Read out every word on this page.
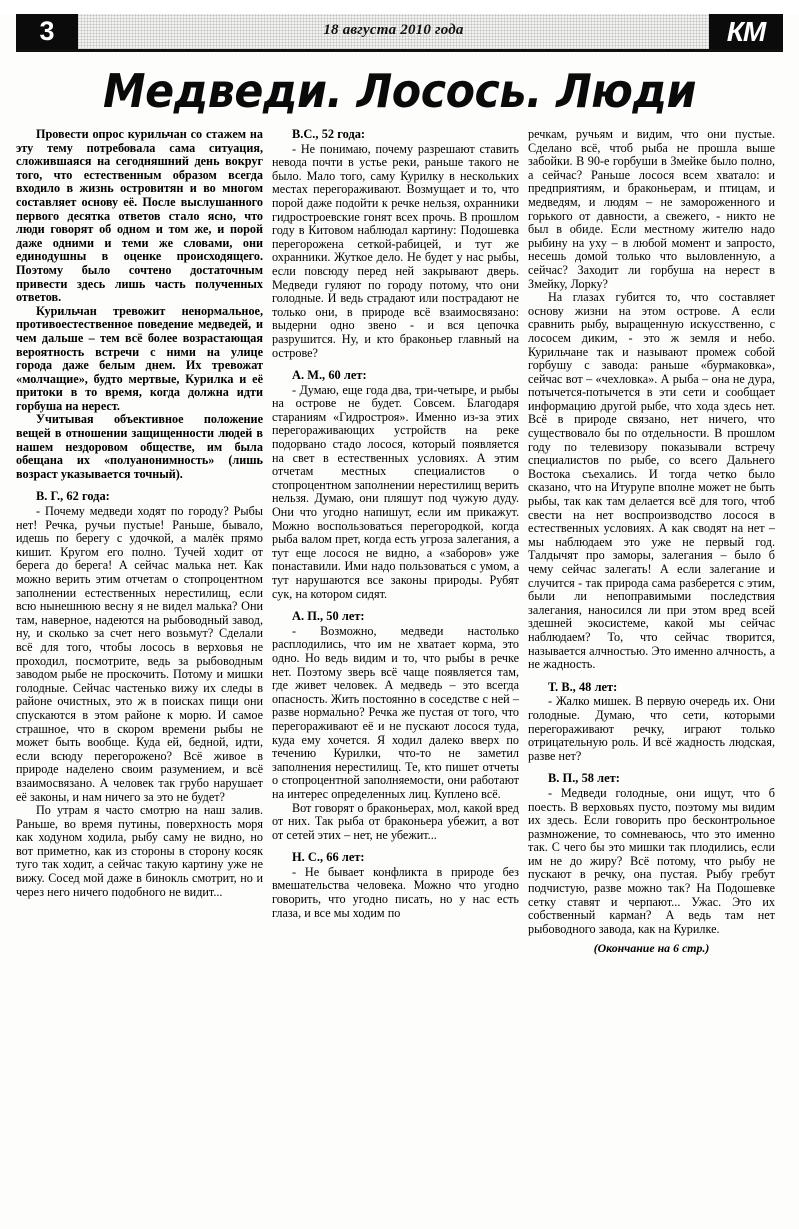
3	18 августа 2010 года	КМ
Медведи. Лосось. Люди

Провести опрос курильчан со стажем на эту тему потребовала сама ситуация, сложившаяся на сегодняшний день вокруг того, что естественным образом всегда входило в жизнь островитян и во многом составляет основу её. После выслушанного первого десятка ответов стало ясно, что люди говорят об одном и том же, и порой даже одними и теми же словами, они единодушны в оценке происходящего. Поэтому было сочтено достаточным привести здесь лишь часть полученных ответов.

Курильчан тревожит ненормальное, противоестественное поведение медведей, и чем дальше – тем всё более возрастающая вероятность встречи с ними на улице города даже белым днем. Их тревожат «молчащие», будто мертвые, Курилка и её притоки в то время, когда должна идти горбуша на нерест.

Учитывая объективное положение вещей в отношении защищенности людей в нашем нездоровом обществе, им была обещана их «полуанонимность» (лишь возраст указывается точный).

В. Г., 62 года:

- Почему медведи ходят по городу? Рыбы нет! Речка, ручьи пустые! Раньше, бывало, идешь по берегу с удочкой, а малёк прямо кишит. Кругом его полно. Тучей ходит от берега до берега! А сейчас малька нет. Как можно верить этим отчетам о стопроцентном заполнении естественных нерестилищ, если всю нынешнюю весну я не видел малька? Они там, наверное, надеются на рыбоводный завод, ну, и сколько за счет него возьмут? Сделали всё для того, чтобы лосось в верховья не проходил, посмотрите, ведь за рыбоводным заводом рыбе не проскочить. Потому и мишки голодные. Сейчас частенько вижу их следы в районе очистных, это ж в поисках пищи они спускаются в этом районе к морю. И самое страшное, что в скором времени рыбы не может быть вообще. Куда ей, бедной, идти, если всюду перегорожено? Всё живое в природе наделено своим разумением, и всё взаимосвязано. А человек так грубо нарушает её законы, и нам ничего за это не будет?

По утрам я часто смотрю на наш залив. Раньше, во время путины, поверхность моря как ходуном ходила, рыбу саму не видно, но вот приметно, как из стороны в сторону косяк туго так ходит, а сейчас такую картину уже не вижу. Сосед мой даже в бинокль смотрит, но и через него ничего подобного не видит...

В.С., 52 года:

- Не понимаю, почему разрешают ставить невода почти в устье реки, раньше такого не было. Мало того, саму Курилку в нескольких местах перегораживают. Возмущает и то, что порой даже подойти к речке нельзя, охранники гидростроевские гонят всех прочь. В прошлом году в Китовом наблюдал картину: Подошевка перегорожена сеткой-рабицей, и тут же охранники. Жуткое дело. Не будет у нас рыбы, если повсюду перед ней закрывают дверь. Медведи гуляют по городу потому, что они голодные. И ведь страдают или пострадают не только они, в природе всё взаимосвязано: выдерни одно звено - и вся цепочка разрушится. Ну, и кто браконьер главный на острове?

А. М., 60 лет:

- Думаю, еще года два, три-четыре, и рыбы на острове не будет. Совсем. Благодаря стараниям «Гидростроя». Именно из-за этих перегораживающих устройств на реке подорвано стадо лосося, который появляется на свет в естественных условиях. А этим отчетам местных специалистов о стопроцентном заполнении нерестилищ верить нельзя. Думаю, они пляшут под чужую дуду. Они что угодно напишут, если им прикажут. Можно воспользоваться перегородкой, когда рыба валом прет, когда есть угроза залегания, а тут еще лосося не видно, а «заборов» уже понаставили. Ими надо пользоваться с умом, а тут нарушаются все законы природы. Рубят сук, на котором сидят.

А. П., 50 лет:

- Возможно, медведи настолько расплодились, что им не хватает корма, это одно. Но ведь видим и то, что рыбы в речке нет. Поэтому зверь всё чаще появляется там, где живет человек. А медведь – это всегда опасность. Жить постоянно в соседстве с ней – разве нормально? Речка же пустая от того, что перегораживают её и не пускают лосося туда, куда ему хочется. Я ходил далеко вверх по течению Курилки, что-то не заметил заполнения нерестилищ. Те, кто пишет отчеты о стопроцентной заполняемости, они работают на интерес определенных лиц. Куплено всё.

Вот говорят о браконьерах, мол, какой вред от них. Так рыба от браконьера убежит, а вот от сетей этих – нет, не убежит...

Н. С., 66 лет:

- Не бывает конфликта в природе без вмешательства человека. Можно что угодно говорить, что угодно писать, но у нас есть глаза, и все мы ходим по

речкам, ручьям и видим, что они пустые. Сделано всё, чтоб рыба не прошла выше забойки. В 90-е горбуши в Змейке было полно, а сейчас? Раньше лосося всем хватало: и предприятиям, и браконьерам, и птицам, и медведям, и людям – не замороженного и горького от давности, а свежего, - никто не был в обиде. Если местному жителю надо рыбину на уху – в любой момент и запросто, несешь домой только что выловленную, а сейчас? Заходит ли горбуша на нерест в Змейку, Лорку?

На глазах губится то, что составляет основу жизни на этом острове. А если сравнить рыбу, выращенную искусственно, с лососем диким, - это ж земля и небо. Курильчане так и называют промеж собой горбушу с завода: раньше «бурмаковка», сейчас вот – «чехловка». А рыба – она не дура, потычется-потычется в эти сети и сообщает информацию другой рыбе, что хода здесь нет. Всё в природе связано, нет ничего, что существовало бы по отдельности. В прошлом году по телевизору показывали встречу специалистов по рыбе, со всего Дальнего Востока съехались. И тогда четко было сказано, что на Итурупе вполне может не быть рыбы, так как там делается всё для того, чтоб свести на нет воспроизводство лосося в естественных условиях. А как сводят на нет – мы наблюдаем это уже не первый год. Талдычят про заморы, залегания – было б чему сейчас залегать! А если залегание и случится - так природа сама разберется с этим, были ли непоправимыми последствия залегания, наносился ли при этом вред всей здешней экосистеме, какой мы сейчас наблюдаем? То, что сейчас творится, называется алчностью. Это именно алчность, а не жадность.

Т. В., 48 лет:

- Жалко мишек. В первую очередь их. Они голодные. Думаю, что сети, которыми перегораживают речку, играют только отрицательную роль. И всё жадность людская, разве нет?

В. П., 58 лет:

- Медведи голодные, они ищут, что б поесть. В верховьях пусто, поэтому мы видим их здесь. Если говорить про бесконтрольное размножение, то сомневаюсь, что это именно так. С чего бы это мишки так плодились, если им не до жиру? Всё потому, что рыбу не пускают в речку, она пустая. Рыбу гребут подчистую, разве можно так? На Подошевке сетку ставят и черпают... Ужас. Это их собственный карман? А ведь там нет рыбоводного завода, как на Курилке.

(Окончание на 6 стр.)
